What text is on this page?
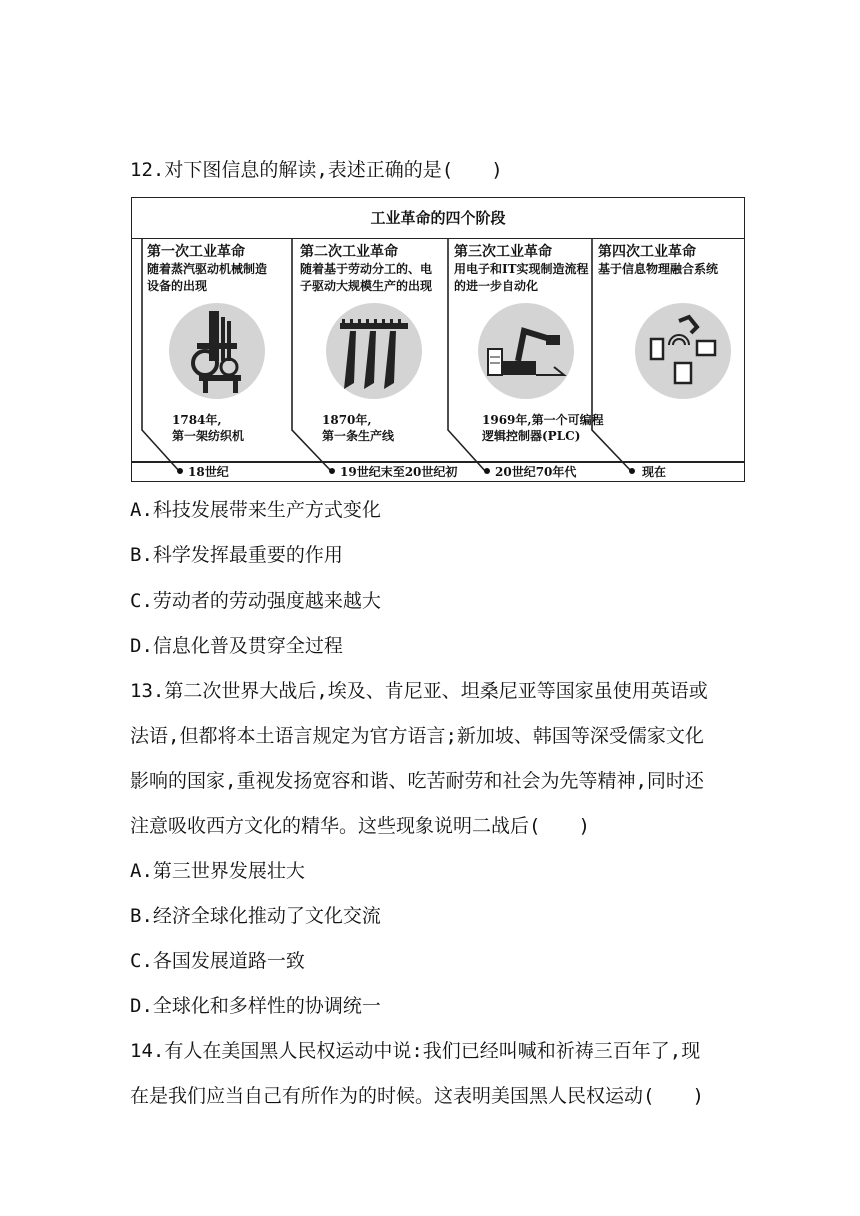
12.对下图信息的解读,表述正确的是(　　)
工业革命的四个阶段
第一次工业革命
随着蒸汽驱动机械制造
设备的出现
第二次工业革命
随着基于劳动分工的、电
子驱动大规模生产的出现
第三次工业革命
用电子和IT实现制造流程
的进一步自动化
第四次工业革命
基于信息物理融合系统
1784年,
第一架纺织机
1870年,
第一条生产线
1969年,第一个可编程
逻辑控制器(PLC)
18世纪	19世纪末至20世纪初	20世纪70年代	现在
A.科技发展带来生产方式变化
B.科学发挥最重要的作用
C.劳动者的劳动强度越来越大
D.信息化普及贯穿全过程
13.第二次世界大战后,埃及、肯尼亚、坦桑尼亚等国家虽使用英语或
法语,但都将本土语言规定为官方语言;新加坡、韩国等深受儒家文化
影响的国家,重视发扬宽容和谐、吃苦耐劳和社会为先等精神,同时还
注意吸收西方文化的精华。这些现象说明二战后(　　)
A.第三世界发展壮大
B.经济全球化推动了文化交流
C.各国发展道路一致
D.全球化和多样性的协调统一
14.有人在美国黑人民权运动中说:我们已经叫喊和祈祷三百年了,现
在是我们应当自己有所作为的时候。这表明美国黑人民权运动(　　)
